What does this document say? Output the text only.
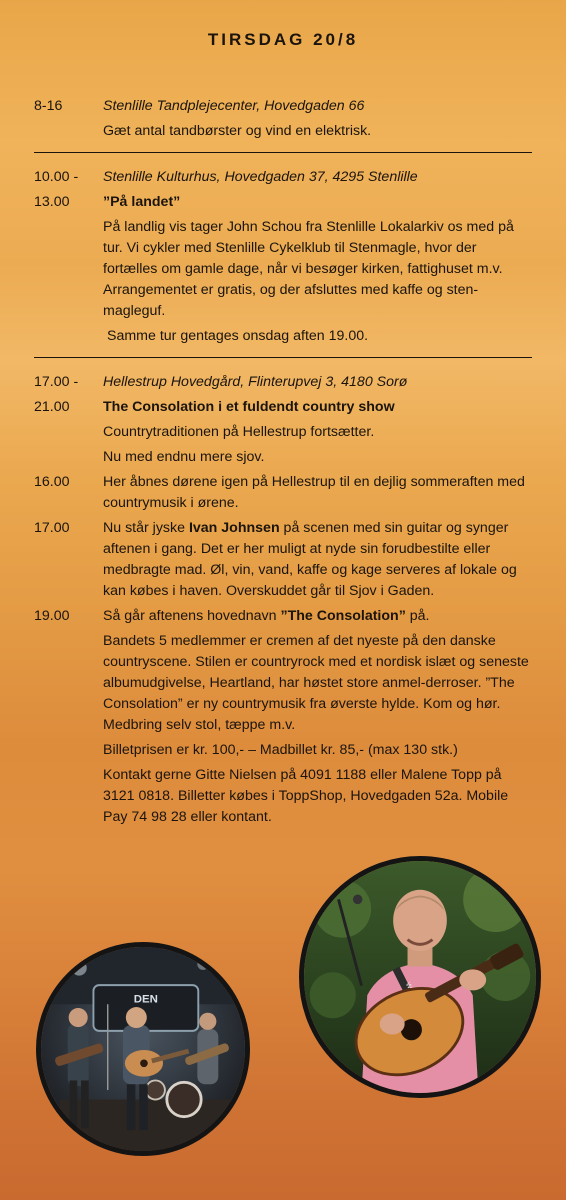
TIRSDAG 20/8
8-16	Stenlille Tandplejecenter, Hovedgaden 66
Gæt antal tandbørster og vind en elektrisk.
10.00 -	Stenlille Kulturhus, Hovedgaden 37, 4295 Stenlille
13.00	”På landet”
På landlig vis tager John Schou fra Stenlille Lokalarkiv os med på tur. Vi cykler med Stenlille Cykelklub til Stenmagle, hvor der fortælles om gamle dage, når vi besøger kirken, fattighuset m.v. Arrangementet er gratis, og der afsluttes med kaffe og sten-magleguf.
Samme tur gentages onsdag aften 19.00.
17.00 -	Hellestrup Hovedgård, Flinterupvej 3, 4180 Sorø
21.00	The Consolation i et fuldendt country show
Countrytraditionen på Hellestrup fortsætter.
Nu med endnu mere sjov.
16.00	Her åbnes dørene igen på Hellestrup til en dejlig sommeraften med countrymusik i ørene.
17.00	Nu står jyske Ivan Johnsen på scenen med sin guitar og synger aftenen i gang. Det er her muligt at nyde sin forudbestilte eller medbragte mad. Øl, vin, vand, kaffe og kage serveres af lokale og kan købes i haven. Overskuddet går til Sjov i Gaden.
19.00	Så går aftenens hovednavn ”The Consolation” på.
Bandets 5 medlemmer er cremen af det nyeste på den danske countryscene. Stilen er countryrock med et nordisk islæt og seneste albumudgivelse, Heartland, har høstet store anmel-derroser. ”The Consolation” er ny countrymusik fra øverste hylde. Kom og hør. Medbring selv stol, tæppe m.v.
Billetprisen er kr. 100,- – Madbillet kr. 85,- (max 130 stk.)
Kontakt gerne Gitte Nielsen på 4091 1188 eller Malene Topp på 3121 0818. Billetter købes i ToppShop, Hovedgaden 52a. Mobile Pay 74 98 28 eller kontant.
DEN
